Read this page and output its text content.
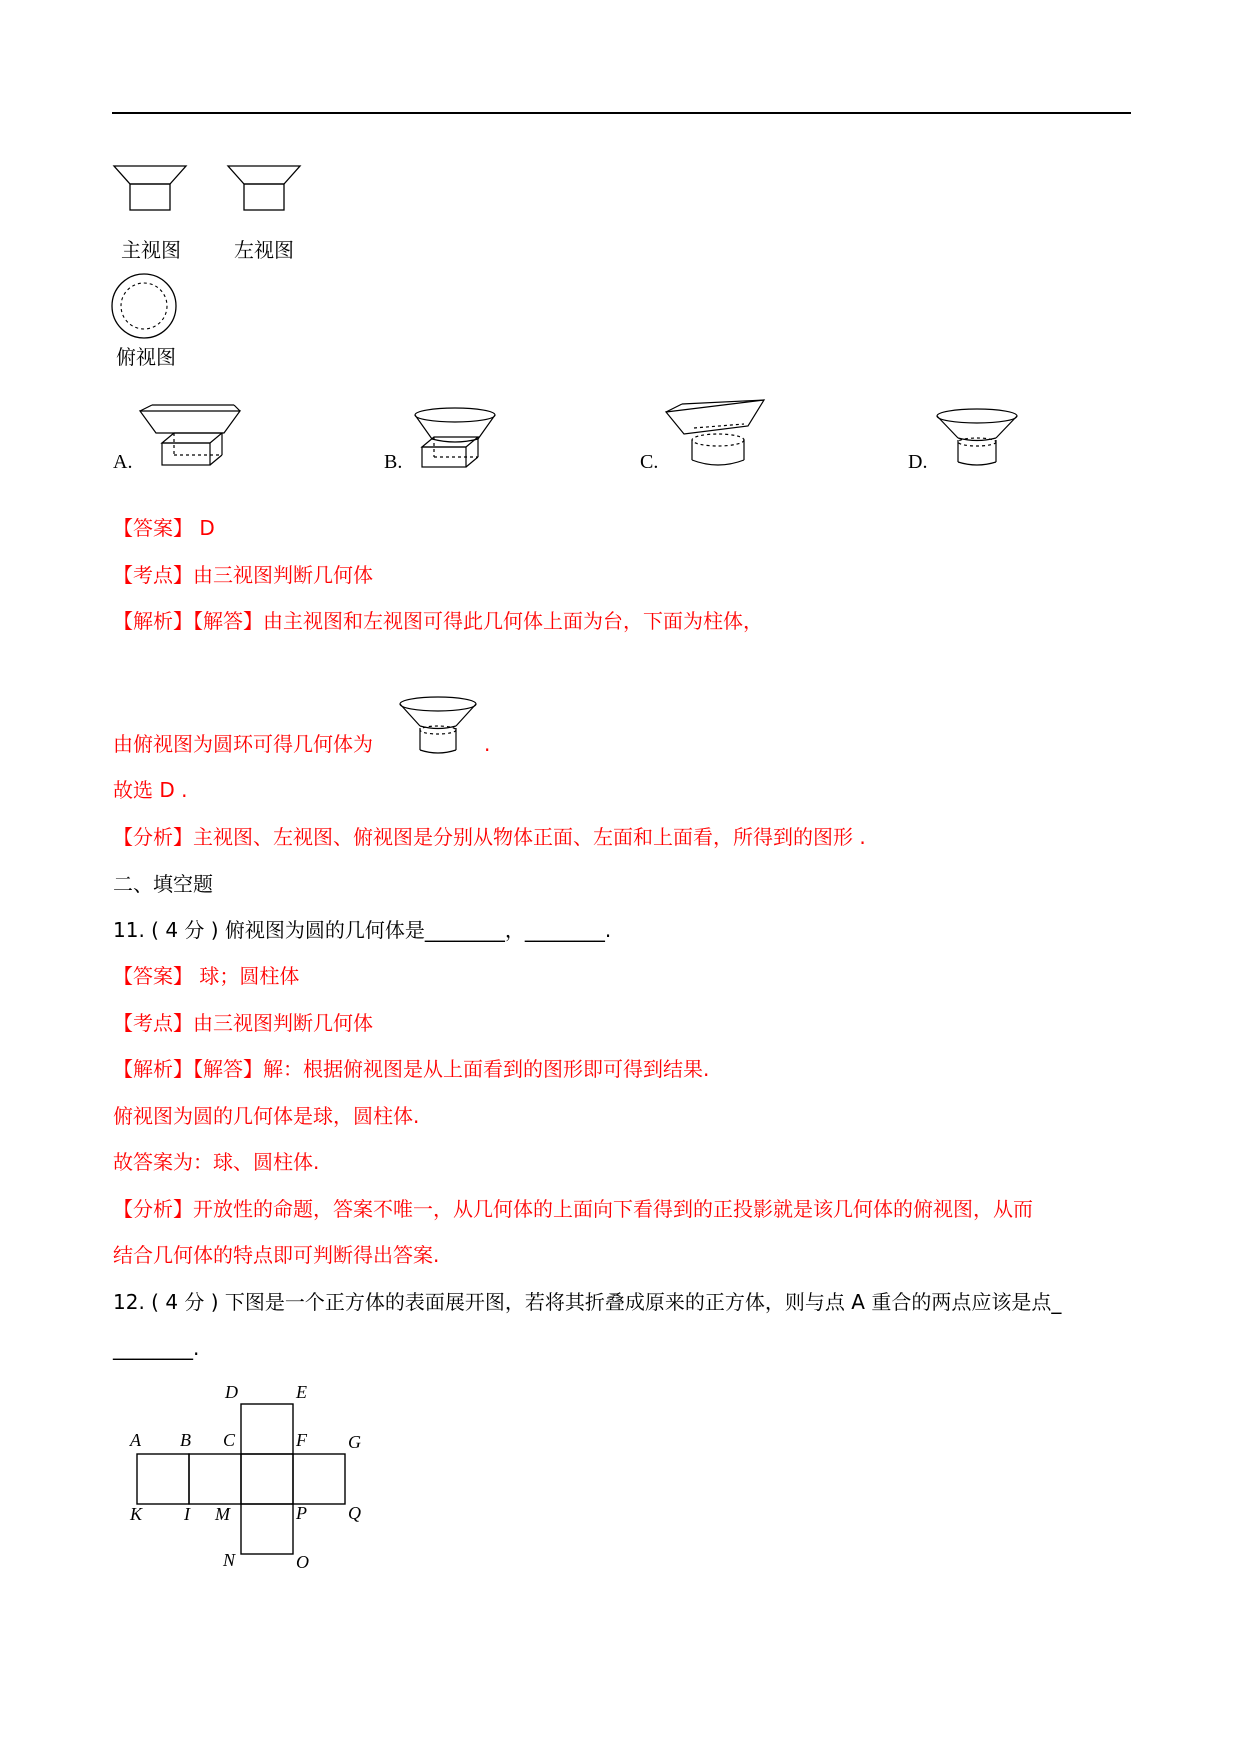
主视图	左视图
俯视图
A.	B.	C.	D.
【答案】 D
【考点】由三视图判断几何体
【解析】【解答】由主视图和左视图可得此几何体上面为台，下面为柱体，
由俯视图为圆环可得几何体为	.
故选 D .
【分析】主视图、左视图、俯视图是分别从物体正面、左面和上面看，所得到的图形 .
二、填空题
11. ( 4 分 ) 俯视图为圆的几何体是________，________.
【答案】 球；圆柱体
【考点】由三视图判断几何体
【解析】【解答】解：根据俯视图是从上面看到的图形即可得到结果.
俯视图为圆的几何体是球，圆柱体.
故答案为：球、圆柱体.
【分析】开放性的命题，答案不唯一，从几何体的上面向下看得到的正投影就是该几何体的俯视图，从而
结合几何体的特点即可判断得出答案.
12. ( 4 分 ) 下图是一个正方体的表面展开图，若将其折叠成原来的正方体，则与点 A 重合的两点应该是点_
________.
D	E
A B C	F G
K I M	P Q
N	O
